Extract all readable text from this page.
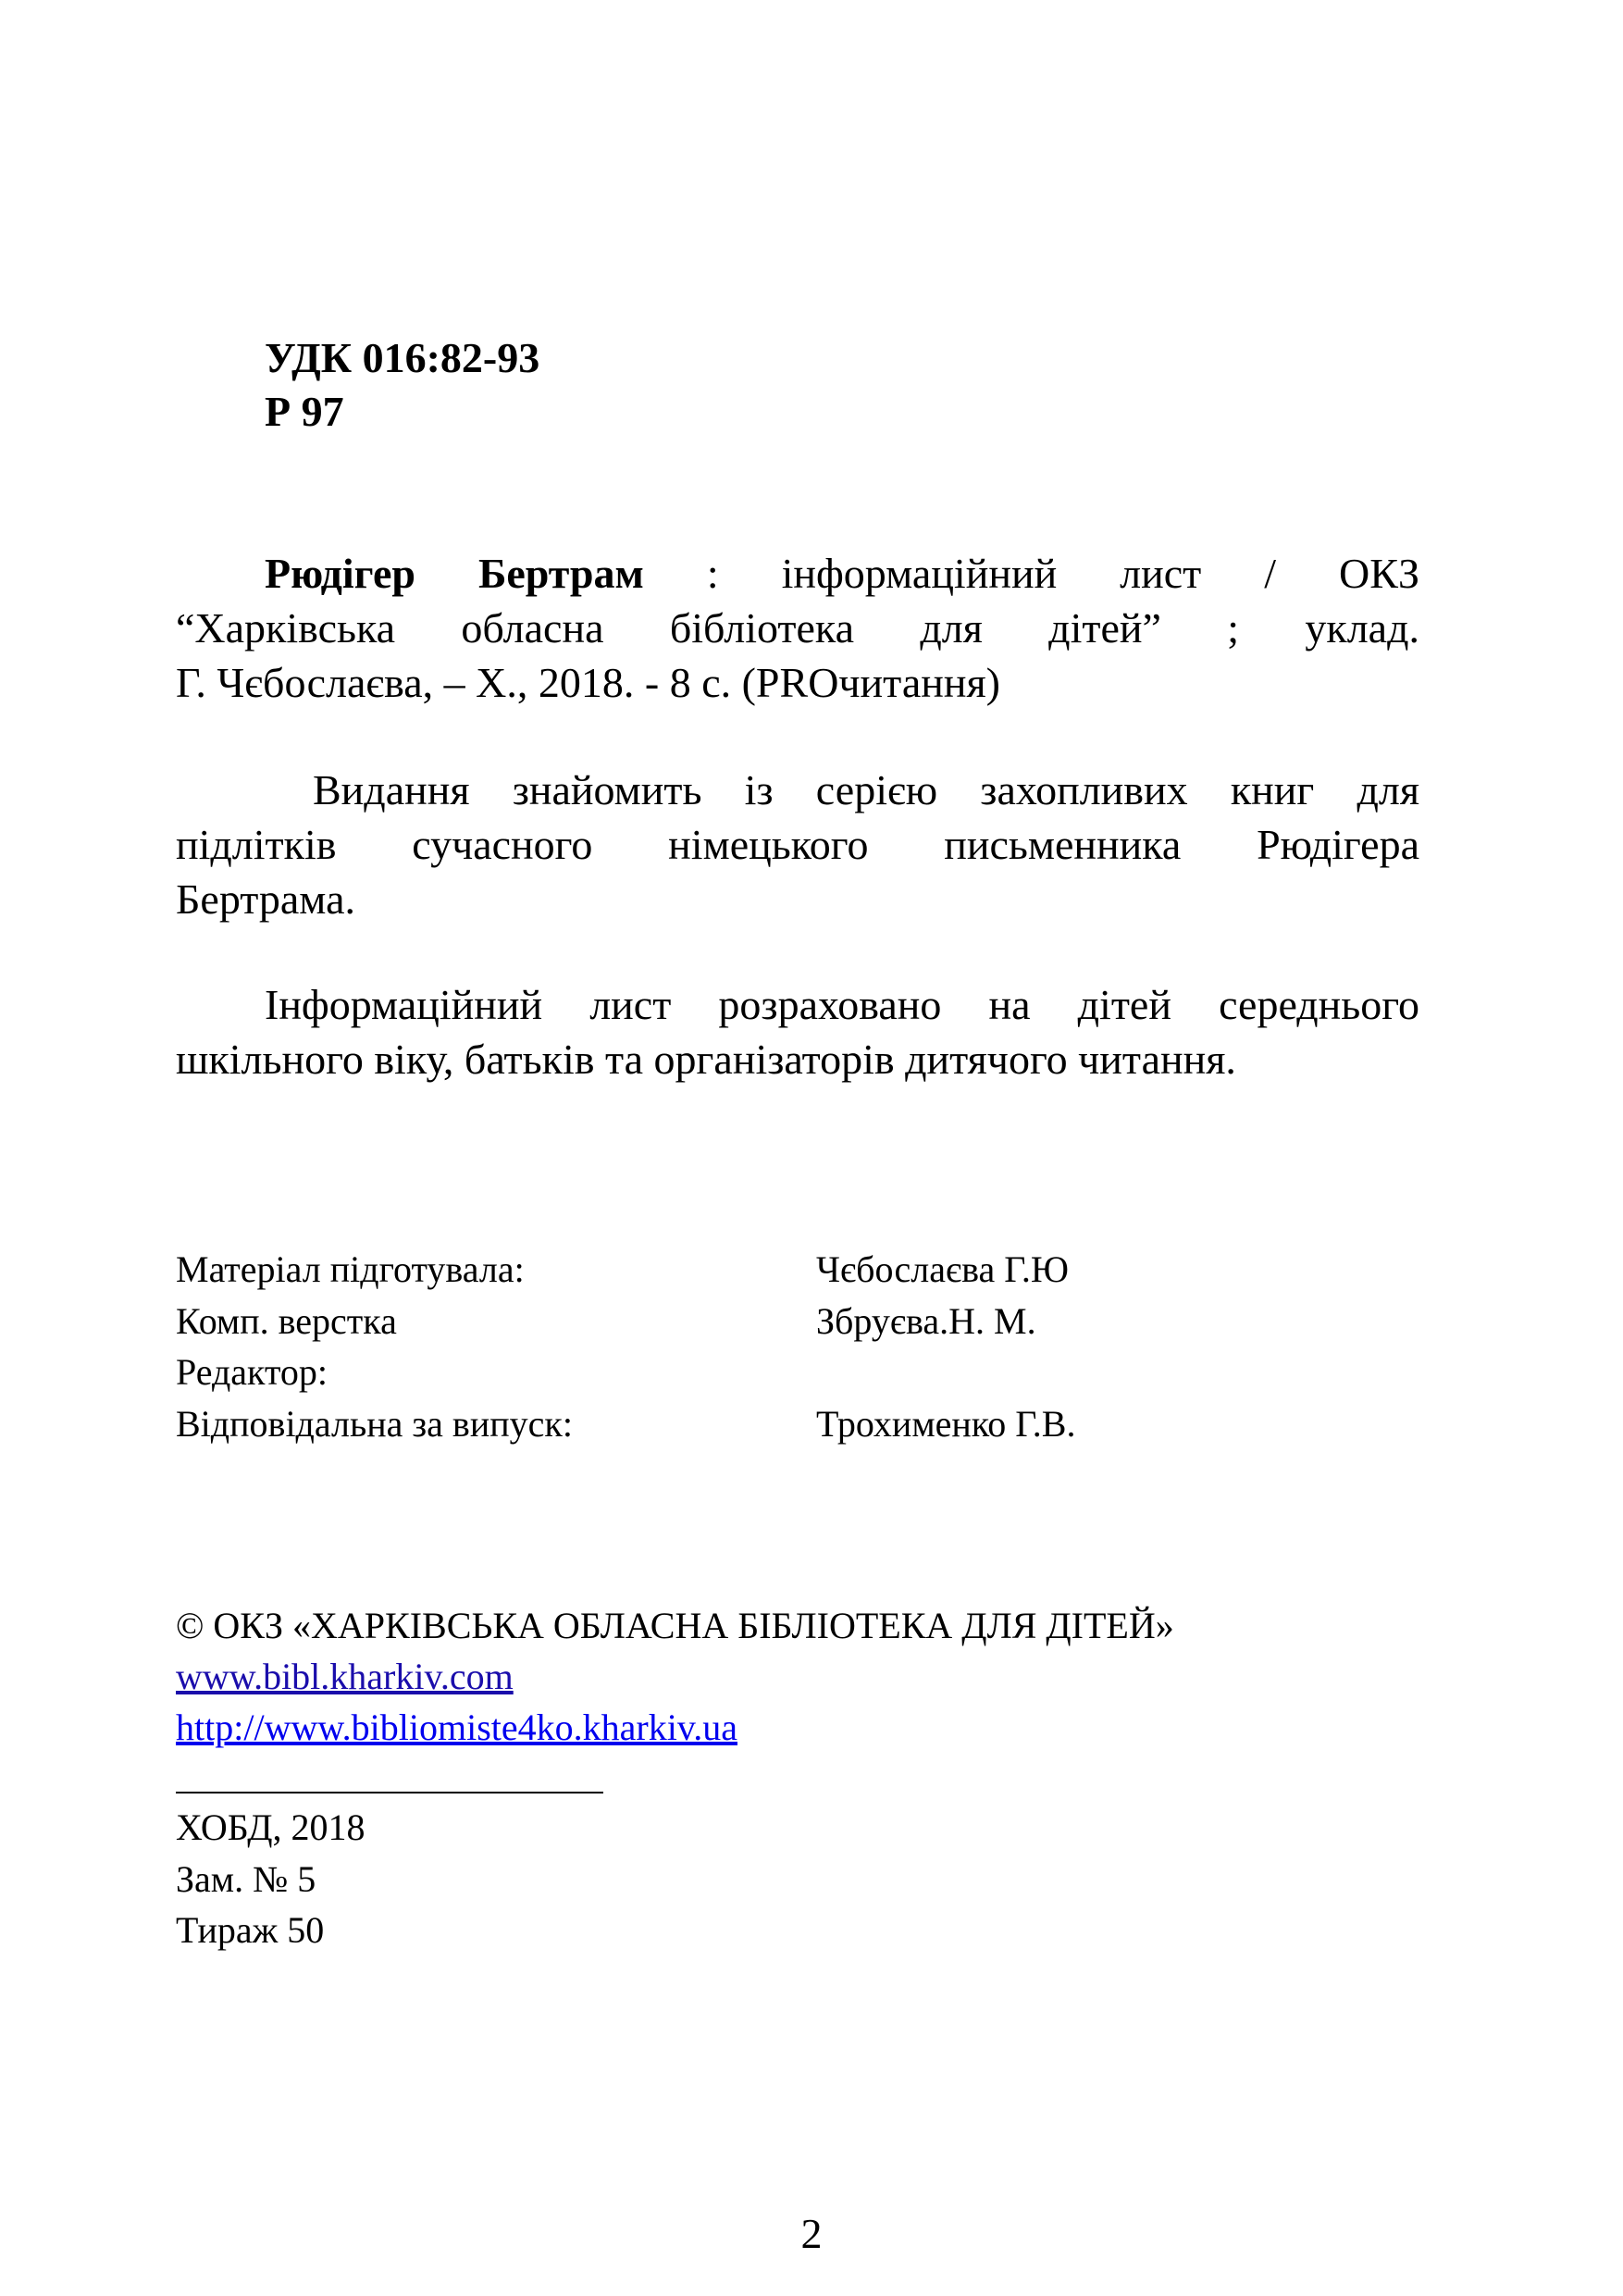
УДК 016:82-93
Р 97
Рюдігер Бертрам : інформаційний лист / ОКЗ
“Харківська обласна бібліотека для дітей” ; уклад.
Г. Чєбослаєва, – Х., 2018. - 8 с. (PROчитання)
Видання знайомить із серією захопливих книг для
підлітків сучасного німецького письменника Рюдігера
Бертрама.
Інформаційний лист розраховано на дітей середнього
шкільного віку, батьків та організаторів дитячого читання.
Матеріал підготувала:	Чєбослаєва Г.Ю
Комп. верстка	Збруєва.Н. М.
Редактор:
Відповідальна за випуск:	Трохименко Г.В.
© ОКЗ «ХАРКІВСЬКА ОБЛАСНА БІБЛІОТЕКА ДЛЯ ДІТЕЙ»
www.bibl.kharkiv.com
http://www.bibliomiste4ko.kharkiv.ua
ХОБД, 2018
Зам. № 5
Тираж 50
2
